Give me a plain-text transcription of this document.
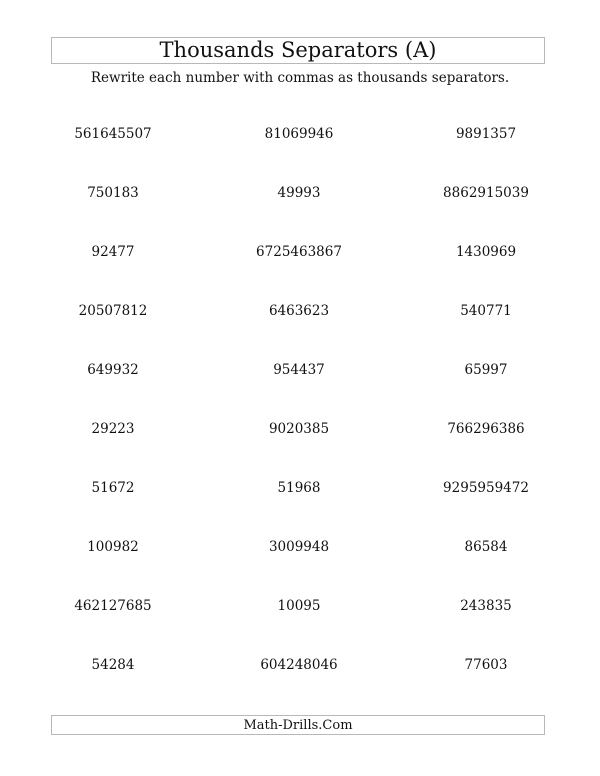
Thousands Separators (A)
Rewrite each number with commas as thousands separators.
561645507	81069946	9891357
750183	49993	8862915039
92477	6725463867	1430969
20507812	6463623	540771
649932	954437	65997
29223	9020385	766296386
51672	51968	9295959472
100982	3009948	86584
462127685	10095	243835
54284	604248046	77603
Math-Drills.Com
